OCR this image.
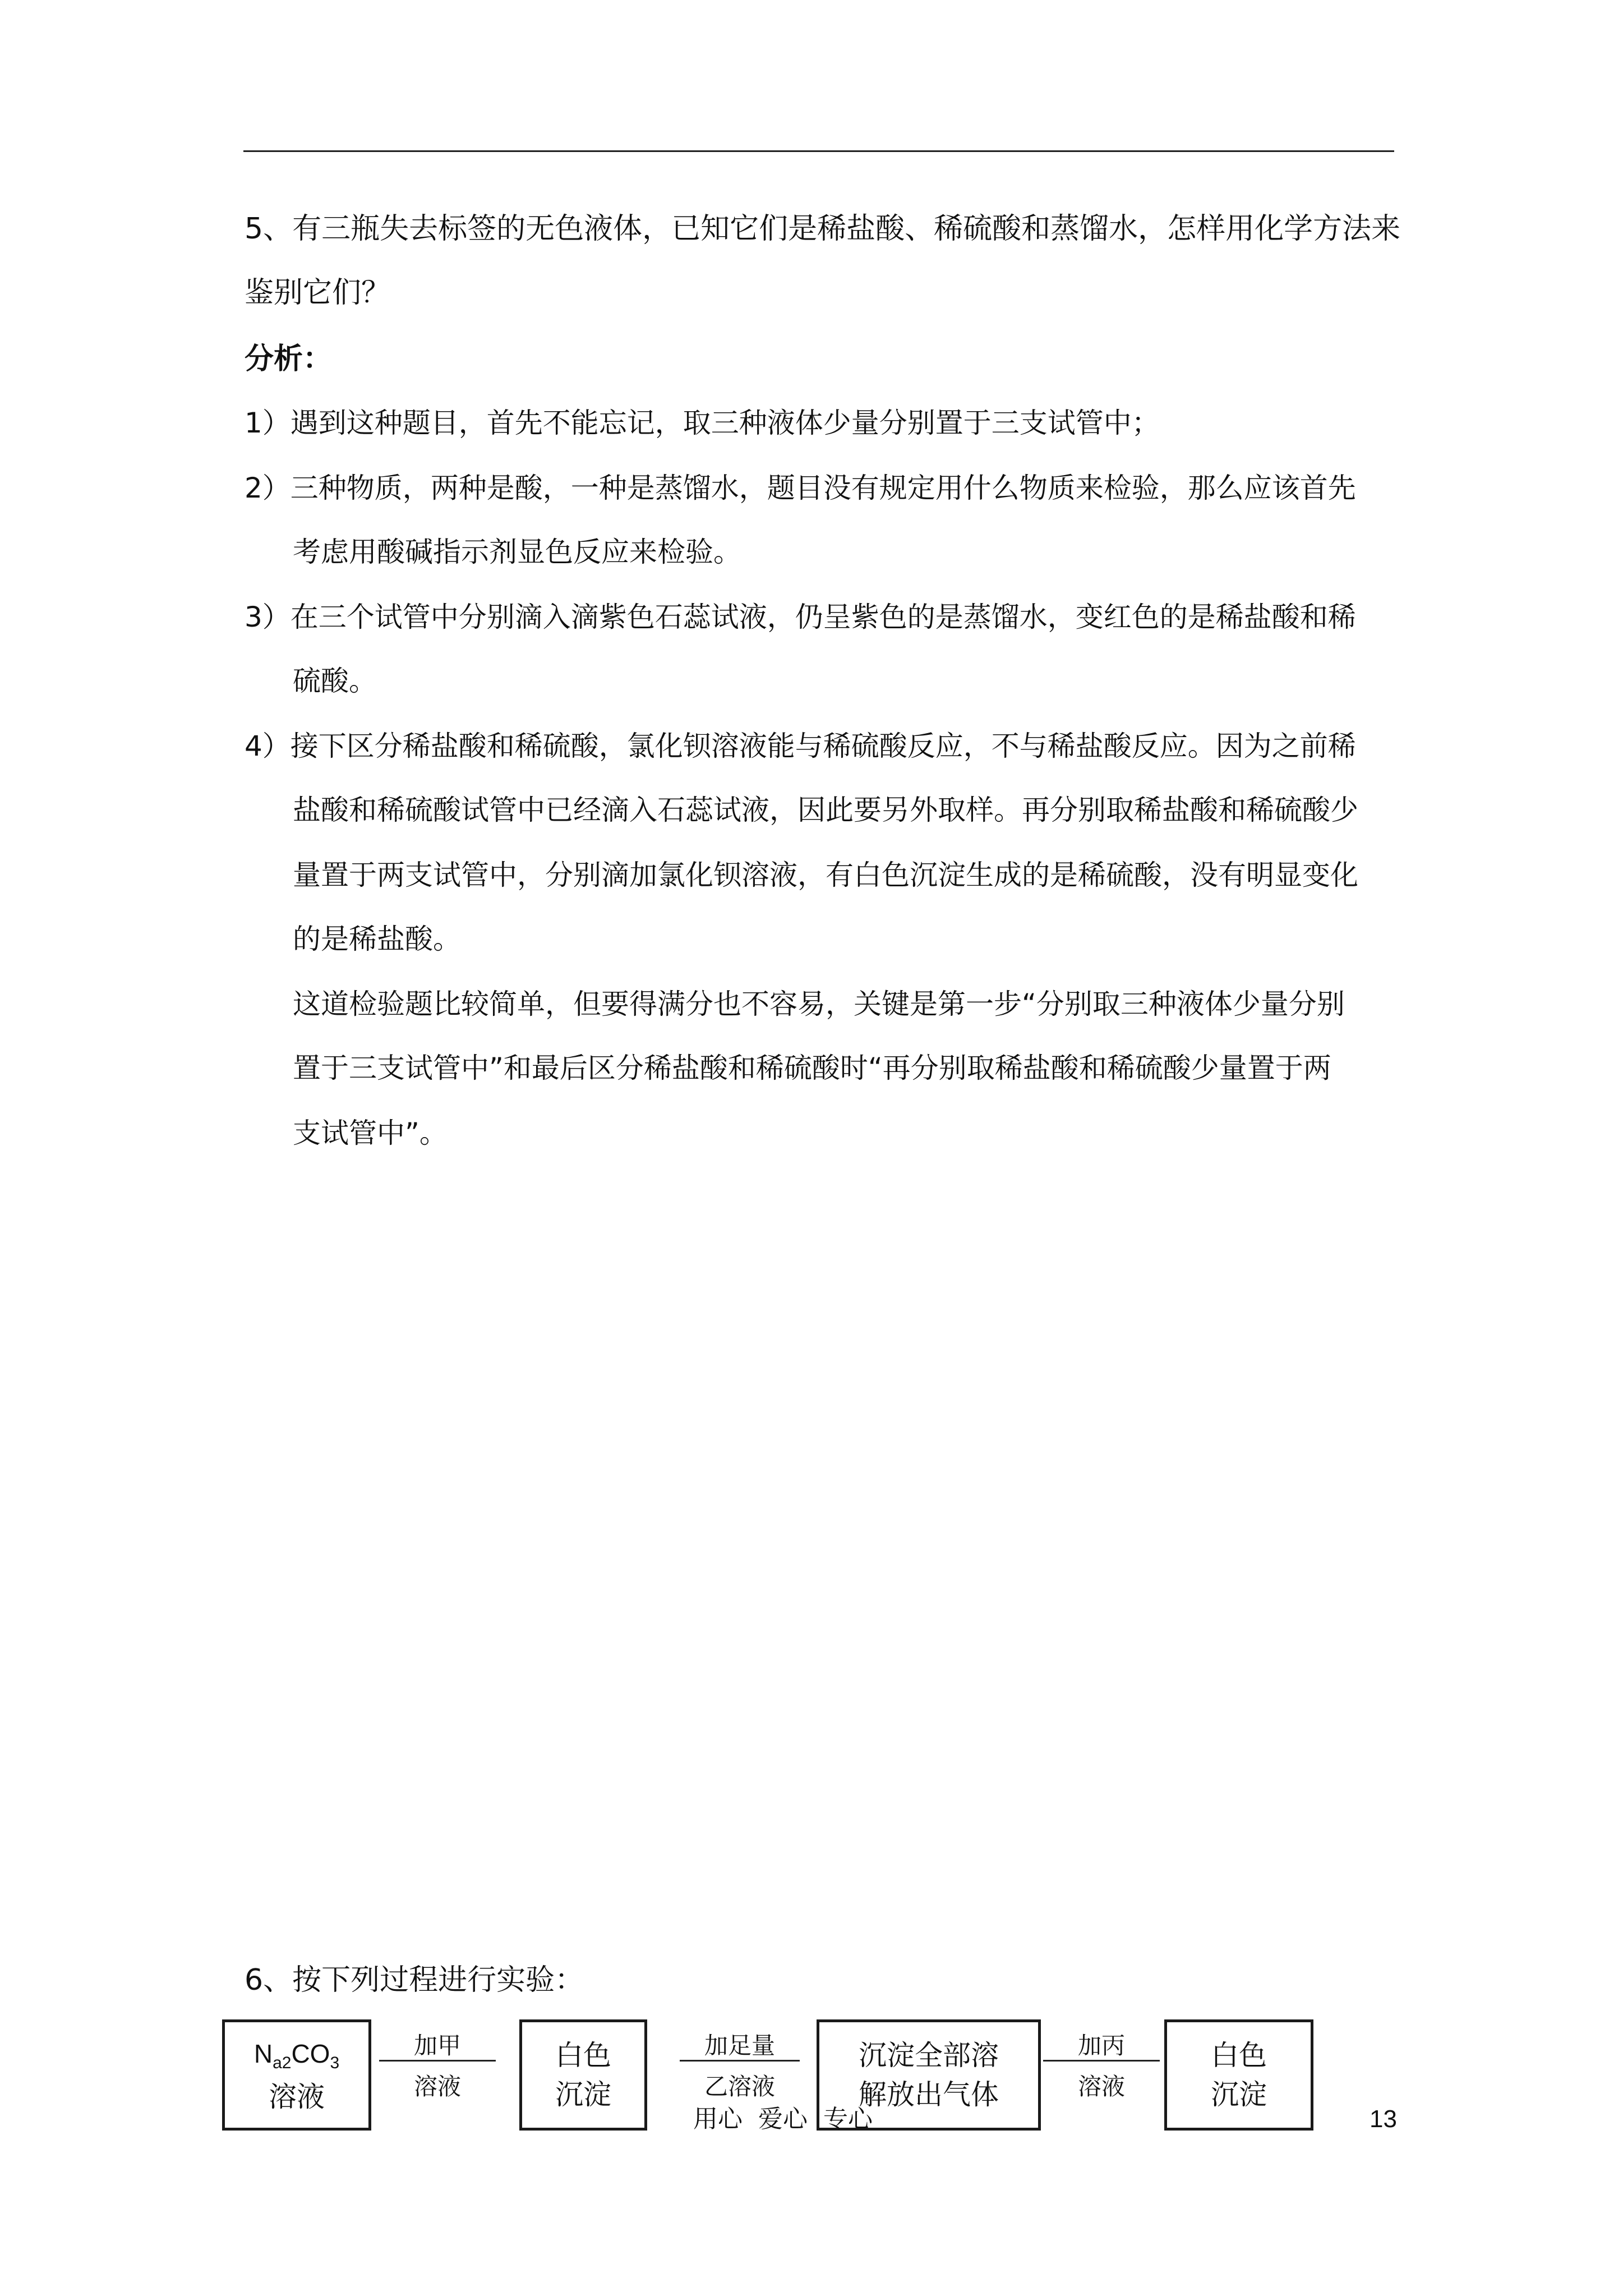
5、有三瓶失去标签的无色液体，已知它们是稀盐酸、稀硫酸和蒸馏水，怎样用化学方法来
鉴别它们？
分析：
1）遇到这种题目，首先不能忘记，取三种液体少量分别置于三支试管中；
2）三种物质，两种是酸，一种是蒸馏水，题目没有规定用什么物质来检验，那么应该首先
考虑用酸碱指示剂显色反应来检验。
3）在三个试管中分别滴入滴紫色石蕊试液，仍呈紫色的是蒸馏水，变红色的是稀盐酸和稀
硫酸。
4）接下区分稀盐酸和稀硫酸，氯化钡溶液能与稀硫酸反应，不与稀盐酸反应。因为之前稀
盐酸和稀硫酸试管中已经滴入石蕊试液，因此要另外取样。再分别取稀盐酸和稀硫酸少
量置于两支试管中，分别滴加氯化钡溶液，有白色沉淀生成的是稀硫酸，没有明显变化
的是稀盐酸。
这道检验题比较简单，但要得满分也不容易，关键是第一步“分别取三种液体少量分别
置于三支试管中”和最后区分稀盐酸和稀硫酸时“再分别取稀盐酸和稀硫酸少量置于两
支试管中”。
6、按下列过程进行实验：
$N_{a2}CO_3$
溶液
加甲
溶液
白色
沉淀
加足量
乙溶液
沉淀全部溶
解放出气体
加丙
溶液
白色
沉淀
用心  爱心  专心	13
